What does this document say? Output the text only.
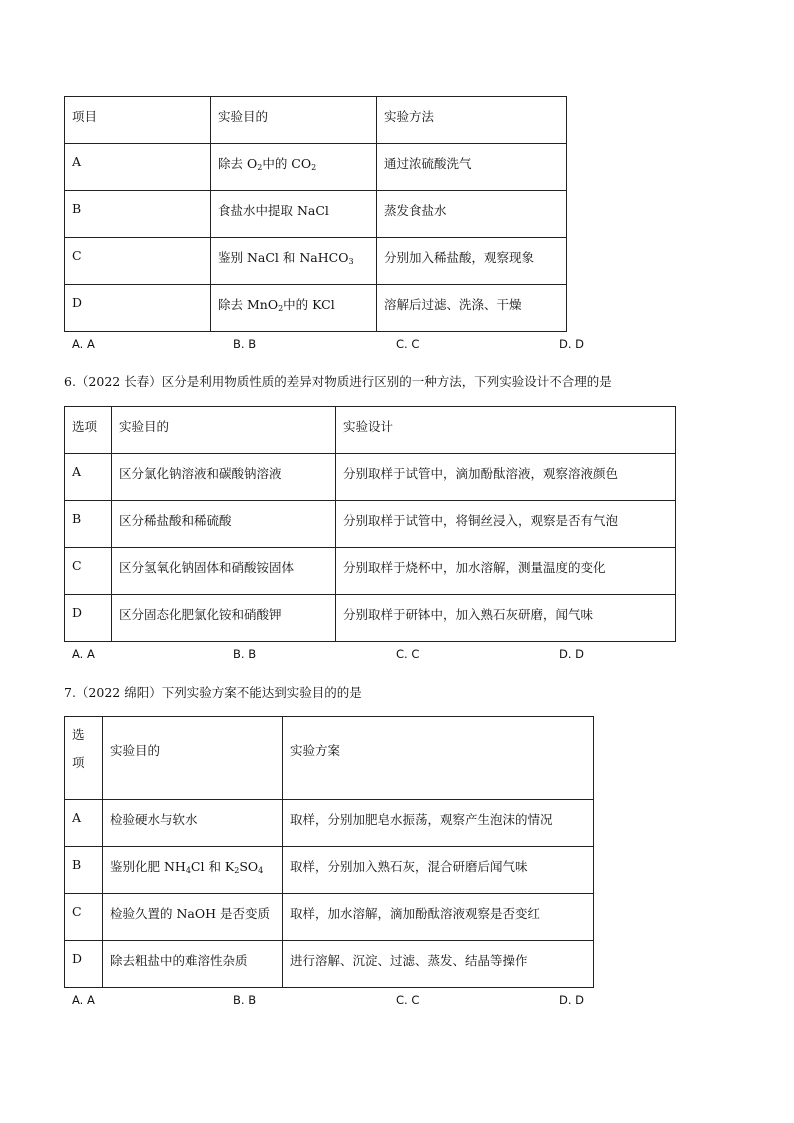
项目	实验目的	实验方法
A	除去 $O_2$中的 $CO_2$	通过浓硫酸洗气
B	食盐水中提取 NaCl	蒸发食盐水
C	鉴别 NaCl 和 NaHCO$_3$	分别加入稀盐酸，观察现象
D	除去 MnO$_2$中的 KCl	溶解后过滤、洗涤、干燥
A. A	B. B	C. C	D. D
6.（2022 长春）区分是利用物质性质的差异对物质进行区别的一种方法，下列实验设计不合理的是
选项	实验目的	实验设计
A	区分氯化钠溶液和碳酸钠溶液	分别取样于试管中，滴加酚酞溶液，观察溶液颜色
B	区分稀盐酸和稀硫酸	分别取样于试管中，将铜丝浸入，观察是否有气泡
C	区分氢氧化钠固体和硝酸铵固体	分别取样于烧杯中，加水溶解，测量温度的变化
D	区分固态化肥氯化铵和硝酸钾	分别取样于研钵中，加入熟石灰研磨，闻气味
A. A	B. B	C. C	D. D
7.（2022 绵阳）下列实验方案不能达到实验目的的是
选
项	实验目的	实验方案
A	检验硬水与软水	取样，分别加肥皂水振荡，观察产生泡沫的情况
B	鉴别化肥 $NH_4Cl$ 和 $K_2SO_4$	取样，分别加入熟石灰，混合研磨后闻气味
C	检验久置的 NaOH 是否变质	取样，加水溶解，滴加酚酞溶液观察是否变红
D	除去粗盐中的难溶性杂质	进行溶解、沉淀、过滤、蒸发、结晶等操作
A. A	B. B	C. C	D. D
